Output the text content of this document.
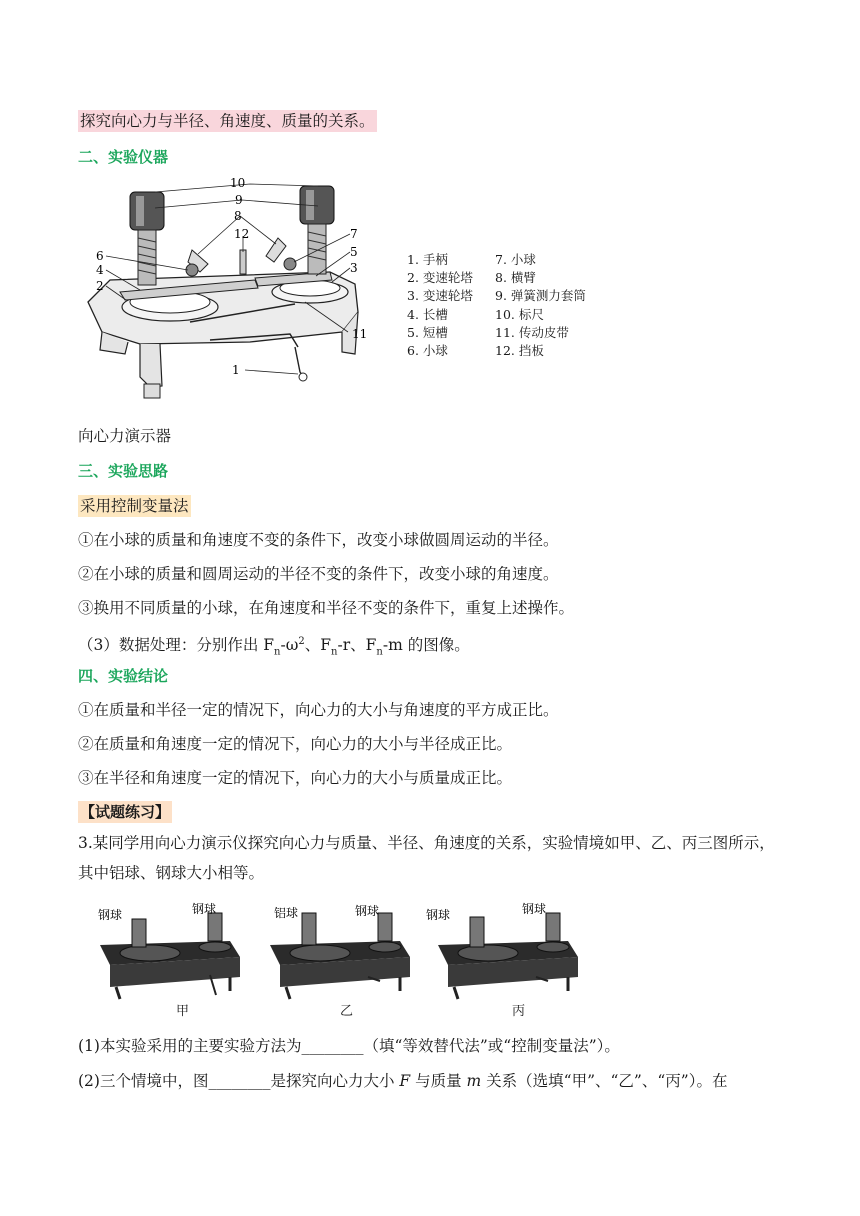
探究向心力与半径、角速度、质量的关系。
二、实验仪器
10
9
8
12	7
6	5
4	3
2
11
1
1. 手柄	7. 小球
2. 变速轮塔	8. 横臂
3. 变速轮塔	9. 弹簧测力套筒
4. 长槽	10. 标尺
5. 短槽	11. 传动皮带
6. 小球	12. 挡板
向心力演示器
三、实验思路
采用控制变量法
①在小球的质量和角速度不变的条件下，改变小球做圆周运动的半径。
②在小球的质量和圆周运动的半径不变的条件下，改变小球的角速度。
③换用不同质量的小球，在角速度和半径不变的条件下，重复上述操作。
（3）数据处理：分别作出 $F_n-\omega^2$、$F_n-r$、$F_n-m$ 的图像。
四、实验结论
①在质量和半径一定的情况下，向心力的大小与角速度的平方成正比。
②在质量和角速度一定的情况下，向心力的大小与半径成正比。
③在半径和角速度一定的情况下，向心力的大小与质量成正比。
【试题练习】
3.某同学用向心力演示仪探究向心力与质量、半径、角速度的关系，实验情境如甲、乙、丙三图所示，其中铝球、钢球大小相等。
钢球	钢球
甲
铝球	钢球
乙
钢球	钢球
丙
(1)本实验采用的主要实验方法为________（填“等效替代法”或“控制变量法”）。
(2)三个情境中，图________是探究向心力大小 F 与质量 m 关系（选填“甲”、“乙”、“丙”）。在
